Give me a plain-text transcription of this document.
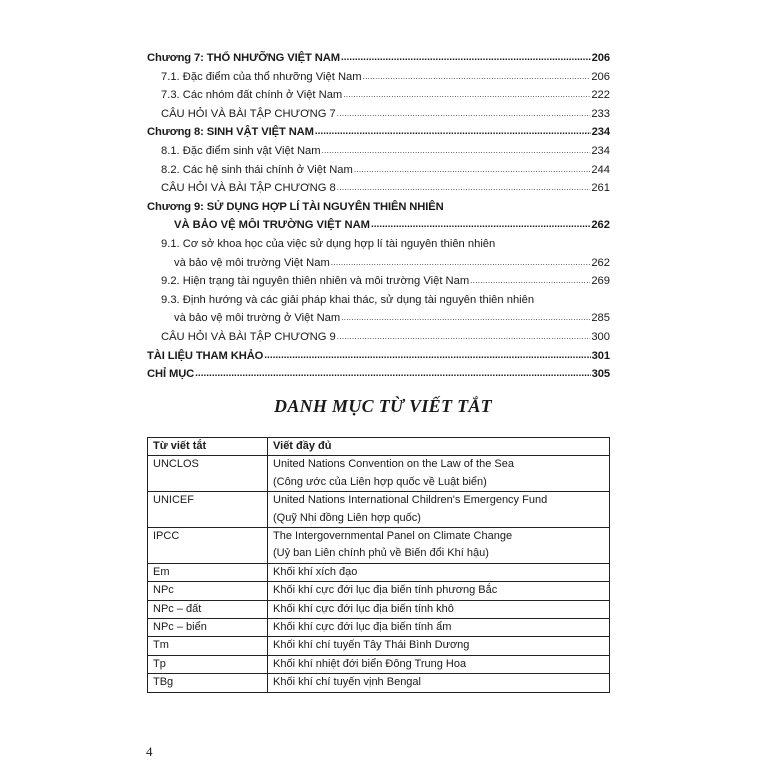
Chương 7: THỔ NHƯỠNG VIỆT NAM .....	206
7.1. Đặc điểm của thổ nhưỡng Việt Nam .....	206
7.3. Các nhóm đất chính ở Việt Nam .....	222
CÂU HỎI VÀ BÀI TẬP CHƯƠNG 7 .....	233
Chương 8: SINH VẬT VIỆT NAM .....	234
8.1. Đặc điểm sinh vật Việt Nam .....	234
8.2. Các hệ sinh thái chính ở Việt Nam .....	244
CÂU HỎI VÀ BÀI TẬP CHƯƠNG 8 .....	261
Chương 9: SỬ DỤNG HỢP LÍ TÀI NGUYÊN THIÊN NHIÊN
VÀ BẢO VỆ MÔI TRƯỜNG VIỆT NAM .....	262
9.1. Cơ sở khoa học của việc sử dụng hợp lí tài nguyên thiên nhiên
và bảo vệ môi trường Việt Nam .....	262
9.2. Hiện trạng tài nguyên thiên nhiên và môi trường Việt Nam .....	269
9.3. Định hướng và các giải pháp khai thác, sử dụng tài nguyên thiên nhiên
và bảo vệ môi trường ở Việt Nam .....	285
CÂU HỎI VÀ BÀI TẬP CHƯƠNG 9 .....	300
TÀI LIỆU THAM KHẢO .....	301
CHỈ MỤC .....	305
DANH MỤC TỪ VIẾT TẮT
Từ viết tắt	Viết đầy đủ
UNCLOS	United Nations Convention on the Law of the Sea
(Công ước của Liên hợp quốc về Luật biển)

UNICEF	United Nations International Children's Emergency Fund
(Quỹ Nhi đồng Liên hợp quốc)

IPCC	The Intergovernmental Panel on Climate Change
(Uỷ ban Liên chính phủ về Biến đổi Khí hậu)

Em	Khối khí xích đạo

NPc	Khối khí cực đới lục địa biến tính phương Bắc

NPc – đất	Khối khí cực đới lục địa biến tính khô

NPc – biển	Khối khí cực đới lục địa biến tính ẩm

Tm	Khối khí chí tuyến Tây Thái Bình Dương

Tp	Khối khí nhiệt đới biển Đông Trung Hoa

TBg	Khối khí chí tuyến vịnh Bengal
4
